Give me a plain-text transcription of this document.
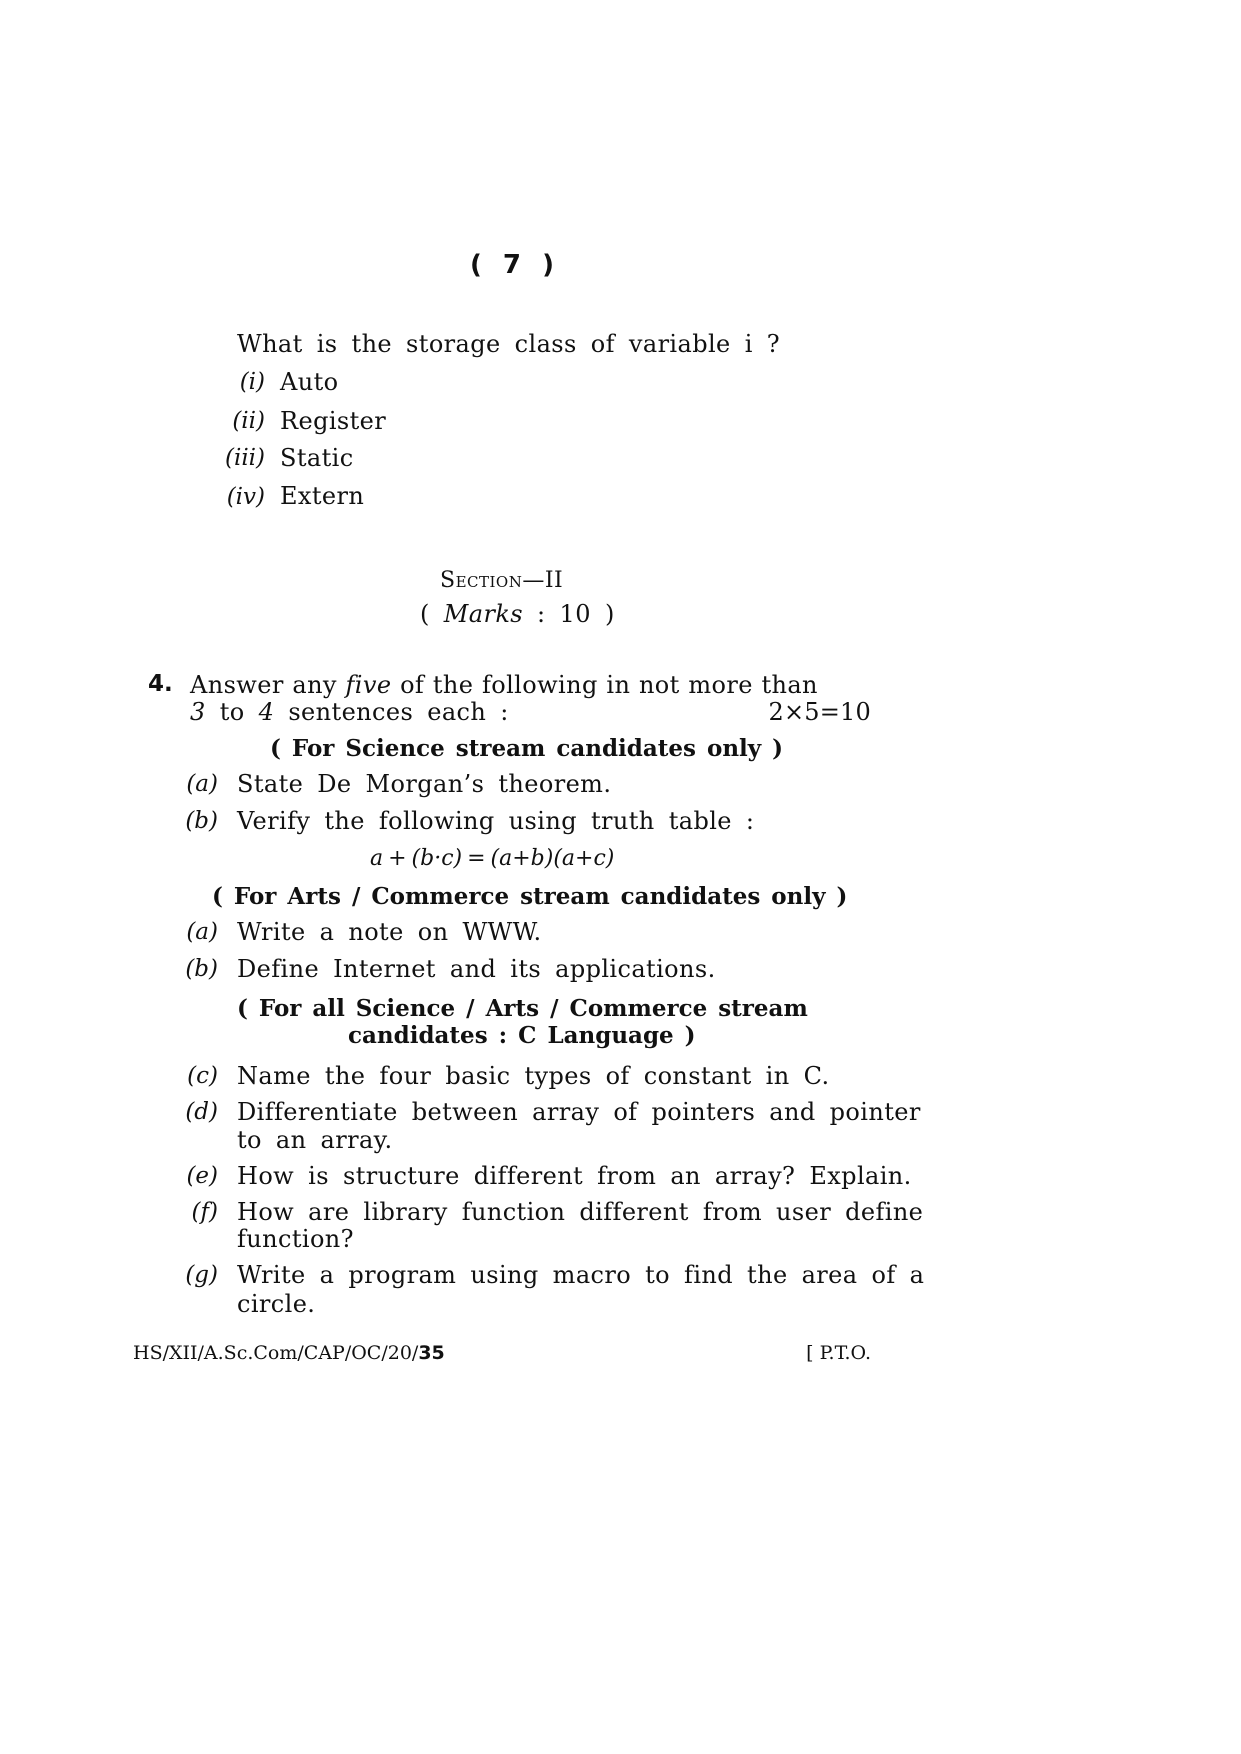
( 7 )
What is the storage class of variable i ?
(i) Auto
(ii) Register
(iii) Static
(iv) Extern
Section—II
( Marks : 10 )
4. Answer any five of the following in not more than
3 to 4 sentences each :	2×5=10
( For Science stream candidates only )
(a) State De Morgan’s theorem.
(b) Verify the following using truth table :
a + (b·c) = (a+b)(a+c)
( For Arts / Commerce stream candidates only )
(a) Write a note on WWW.
(b) Define Internet and its applications.
( For all Science / Arts / Commerce stream
candidates : C Language )
(c) Name the four basic types of constant in C.
(d) Differentiate between array of pointers and pointer
to an array.
(e) How is structure different from an array? Explain.
(f) How are library function different from user define
function?
(g) Write a program using macro to find the area of a
circle.
HS/XII/A.Sc.Com/CAP/OC/20/35	[ P.T.O.
